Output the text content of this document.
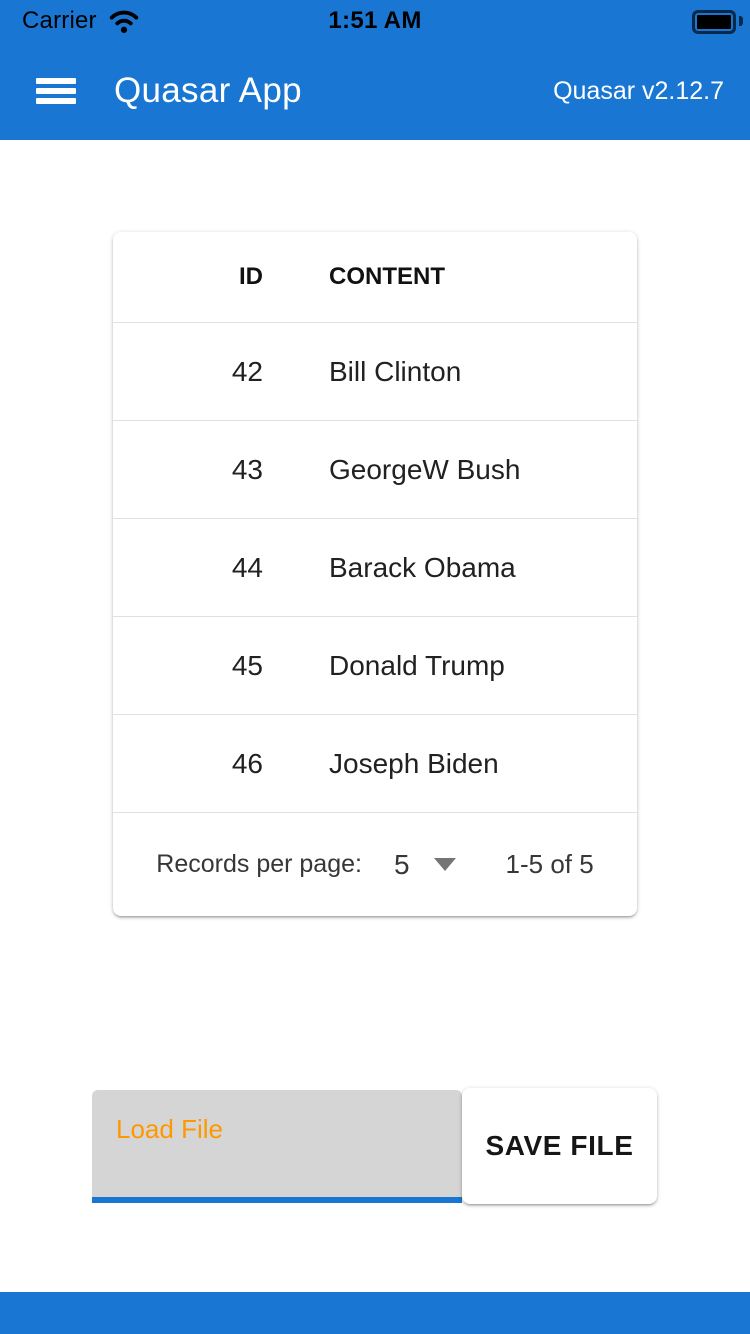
Carrier	1:51 AM
Quasar App	Quasar v2.12.7
ID	CONTENT
42	Bill Clinton
43	GeorgeW Bush
44	Barack Obama
45	Donald Trump
46	Joseph Biden
Records per page: 5	1-5 of 5
Load File
SAVE FILE
